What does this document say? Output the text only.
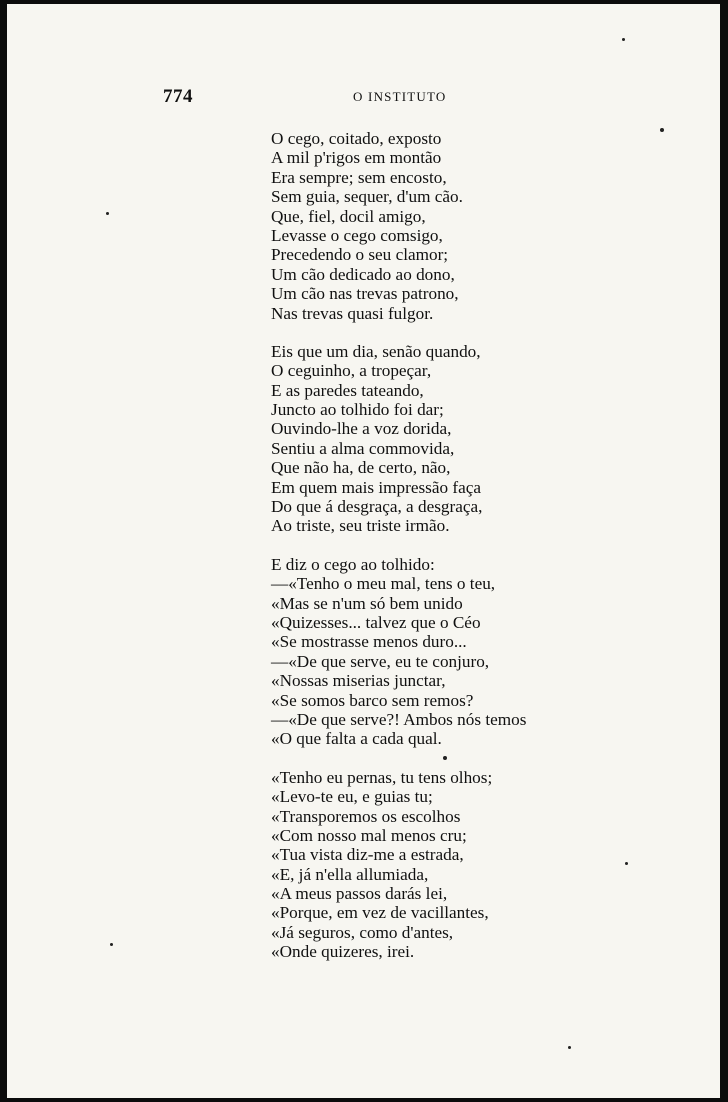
774	O INSTITUTO

O cego, coitado, exposto

A mil p'rigos em montão

Era sempre; sem encosto,

Sem guia, sequer, d'um cão.

Que, fiel, docil amigo,

Levasse o cego comsigo,

Precedendo o seu clamor;

Um cão dedicado ao dono,

Um cão nas trevas patrono,

Nas trevas quasi fulgor.

Eis que um dia, senão quando,

O ceguinho, a tropeçar,

E as paredes tateando,

Juncto ao tolhido foi dar;

Ouvindo-lhe a voz dorida,

Sentiu a alma commovida,

Que não ha, de certo, não,

Em quem mais impressão faça

Do que á desgraça, a desgraça,

Ao triste, seu triste irmão.

E diz o cego ao tolhido:

—«Tenho o meu mal, tens o teu,

«Mas se n'um só bem unido

«Quizesses... talvez que o Céo

«Se mostrasse menos duro...

—«De que serve, eu te conjuro,

«Nossas miserias junctar,

«Se somos barco sem remos?

—«De que serve?! Ambos nós temos

«O que falta a cada qual.

«Tenho eu pernas, tu tens olhos;

«Levo-te eu, e guias tu;

«Transporemos os escolhos

«Com nosso mal menos cru;

«Tua vista diz-me a estrada,

«E, já n'ella allumiada,

«A meus passos darás lei,

«Porque, em vez de vacillantes,

«Já seguros, como d'antes,

«Onde quizeres, irei.
